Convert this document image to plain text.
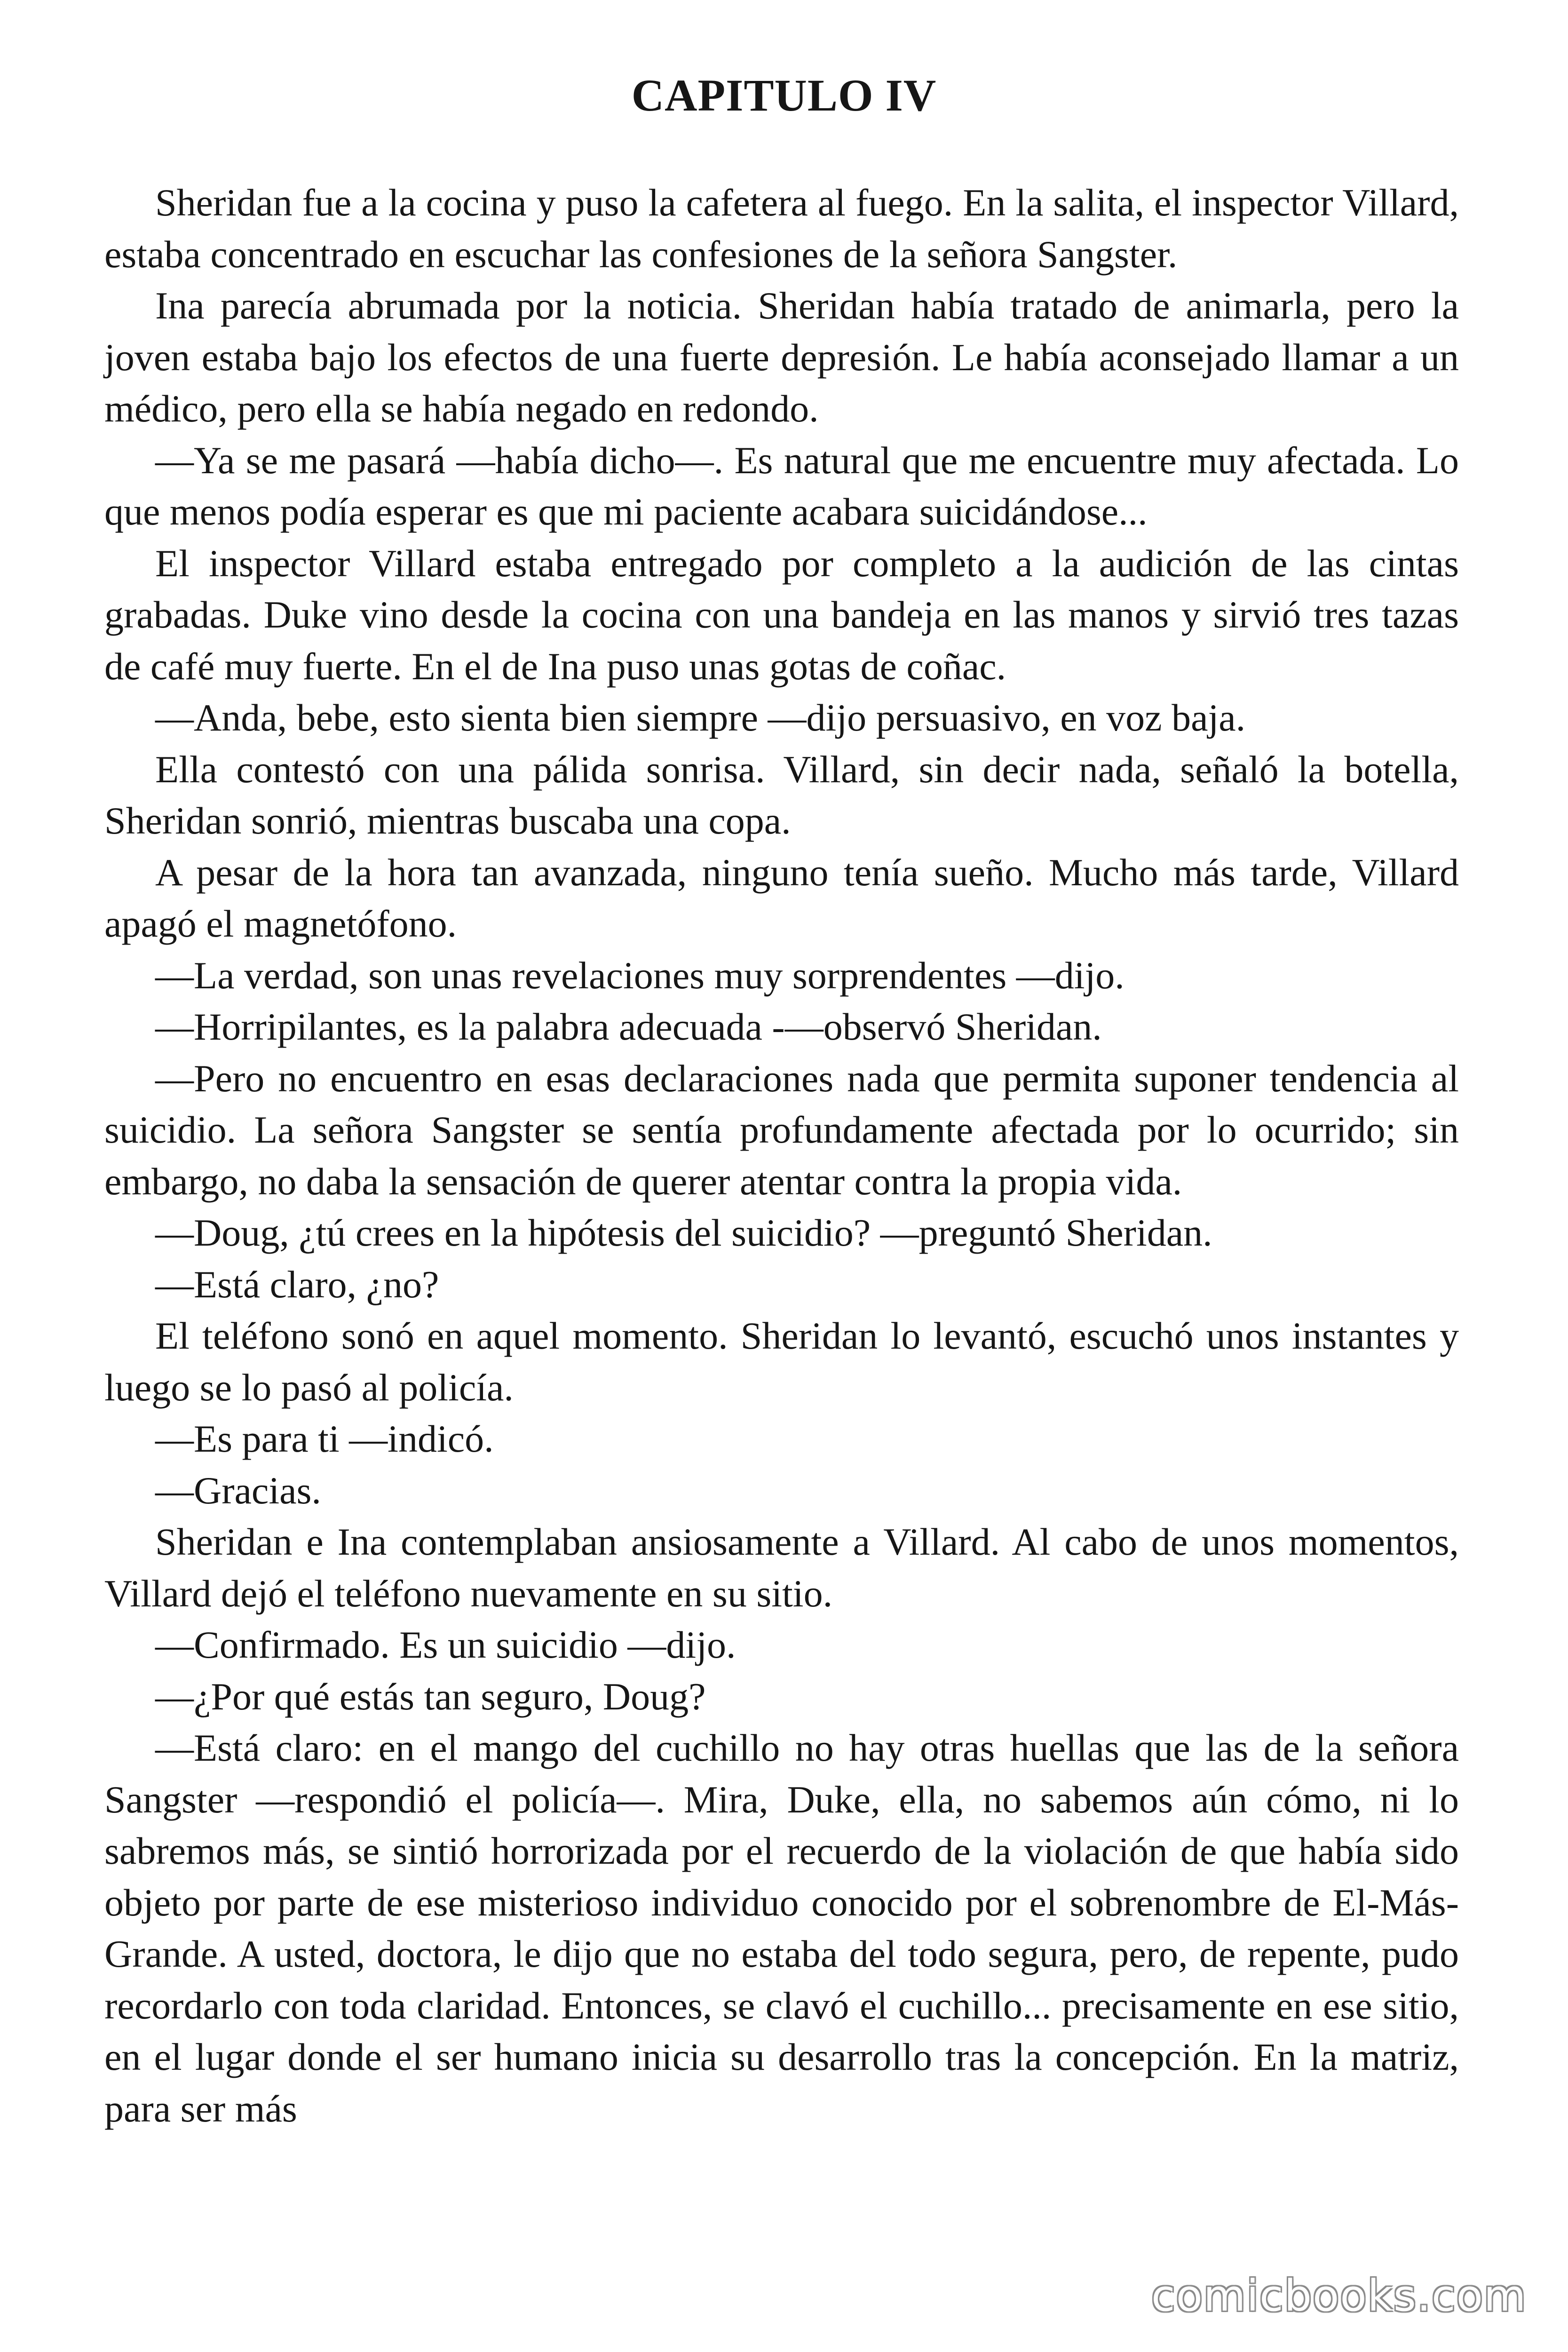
CAPITULO IV

Sheridan fue a la cocina y puso la cafetera al fuego. En la salita, el inspector Villard, estaba concentrado en escuchar las confesiones de la señora Sangster.

Ina parecía abrumada por la noticia. Sheridan había tratado de animarla, pero la joven estaba bajo los efectos de una fuerte depresión. Le había aconsejado llamar a un médico, pero ella se había negado en redondo.

—Ya se me pasará —había dicho—. Es natural que me encuentre muy afectada. Lo que menos podía esperar es que mi paciente acabara suicidándose...

El inspector Villard estaba entregado por completo a la audición de las cintas grabadas. Duke vino desde la cocina con una bandeja en las manos y sirvió tres tazas de café muy fuerte. En el de Ina puso unas gotas de coñac.

—Anda, bebe, esto sienta bien siempre —dijo persuasivo, en voz baja.

Ella contestó con una pálida sonrisa. Villard, sin decir nada, señaló la botella, Sheridan sonrió, mientras buscaba una copa.

A pesar de la hora tan avanzada, ninguno tenía sueño. Mucho más tarde, Villard apagó el magnetófono.

—La verdad, son unas revelaciones muy sorprendentes —dijo.

—Horripilantes, es la palabra adecuada -—observó Sheridan.

—Pero no encuentro en esas declaraciones nada que permita suponer tendencia al suicidio. La señora Sangster se sentía profundamente afectada por lo ocurrido; sin embargo, no daba la sensación de querer atentar contra la propia vida.

—Doug, ¿tú crees en la hipótesis del suicidio? —preguntó Sheridan.

—Está claro, ¿no?

El teléfono sonó en aquel momento. Sheridan lo levantó, escuchó unos instantes y luego se lo pasó al policía.

—Es para ti —indicó.

—Gracias.

Sheridan e Ina contemplaban ansiosamente a Villard. Al cabo de unos momentos, Villard dejó el teléfono nuevamente en su sitio.

—Confirmado. Es un suicidio —dijo.

—¿Por qué estás tan seguro, Doug?

—Está claro: en el mango del cuchillo no hay otras huellas que las de la señora Sangster —respondió el policía—. Mira, Duke, ella, no sabemos aún cómo, ni lo sabremos más, se sintió horrorizada por el recuerdo de la violación de que había sido objeto por parte de ese misterioso individuo conocido por el sobrenombre de El-Más-Grande. A usted, doctora, le dijo que no estaba del todo segura, pero, de repente, pudo recordarlo con toda claridad. Entonces, se clavó el cuchillo... precisamente en ese sitio, en el lugar donde el ser humano inicia su desarrollo tras la concepción. En la matriz, para ser más

comicbooks.com
